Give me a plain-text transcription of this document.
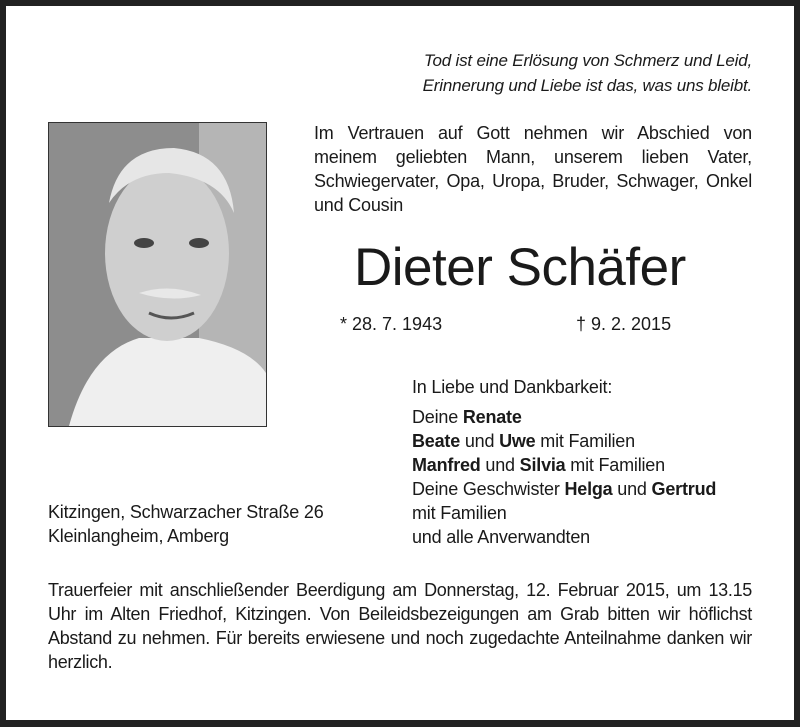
Tod ist eine Erlösung von Schmerz und Leid,
Erinnerung und Liebe ist das, was uns bleibt.
Im Vertrauen auf Gott nehmen wir Abschied von meinem geliebten Mann, unserem lieben Vater, Schwiegervater, Opa, Uropa, Bruder, Schwager, Onkel und Cousin
Dieter Schäfer
* 28. 7. 1943	† 9. 2. 2015
In Liebe und Dankbarkeit:
Deine Renate
Beate und Uwe mit Familien
Manfred und Silvia mit Familien
Deine Geschwister Helga und Gertrud
mit Familien
und alle Anverwandten
Kitzingen, Schwarzacher Straße 26
Kleinlangheim, Amberg
Trauerfeier mit anschließender Beerdigung am Donnerstag, 12. Februar 2015, um 13.15 Uhr im Alten Friedhof, Kitzingen. Von Beileidsbezeigungen am Grab bitten wir höflichst Abstand zu nehmen. Für bereits erwiesene und noch zugedachte Anteilnahme danken wir herzlich.
